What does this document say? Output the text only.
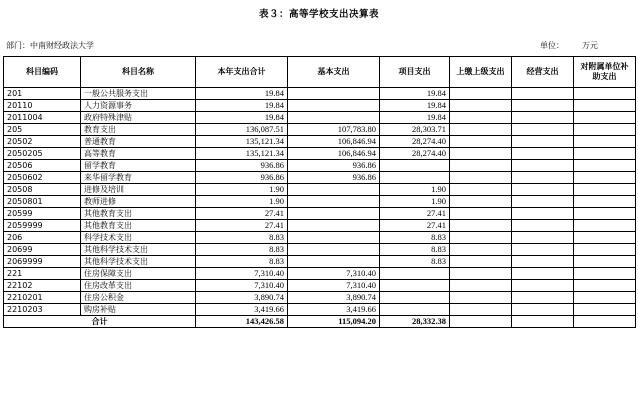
表３：高等学校支出决算表
部门：中南财经政法大学	单位： 万元
科目编码	科目名称	本年支出合计	基本支出	项目支出	上缴上级支出	经营支出	对附属单位补助支出
201	一般公共服务支出	19.84		19.84			
20110	人力资源事务	19.84		19.84			
2011004	政府特殊津贴	19.84		19.84			
205	教育支出	136,087.51	107,783.80	28,303.71			
20502	普通教育	135,121.34	106,846.94	28,274.40			
2050205	高等教育	135,121.34	106,846.94	28,274.40			
20506	留学教育	936.86	936.86				
2050602	来华留学教育	936.86	936.86				
20508	进修及培训	1.90		1.90			
2050801	教师进修	1.90		1.90			
20599	其他教育支出	27.41		27.41			
2059999	其他教育支出	27.41		27.41			
206	科学技术支出	8.83		8.83			
20699	其他科学技术支出	8.83		8.83			
2069999	其他科学技术支出	8.83		8.83			
221	住房保障支出	7,310.40	7,310.40				
22102	住房改革支出	7,310.40	7,310.40				
2210201	住房公积金	3,890.74	3,890.74				
2210203	购房补贴	3,419.66	3,419.66				
合计		143,426.58	115,094.20	28,332.38			
